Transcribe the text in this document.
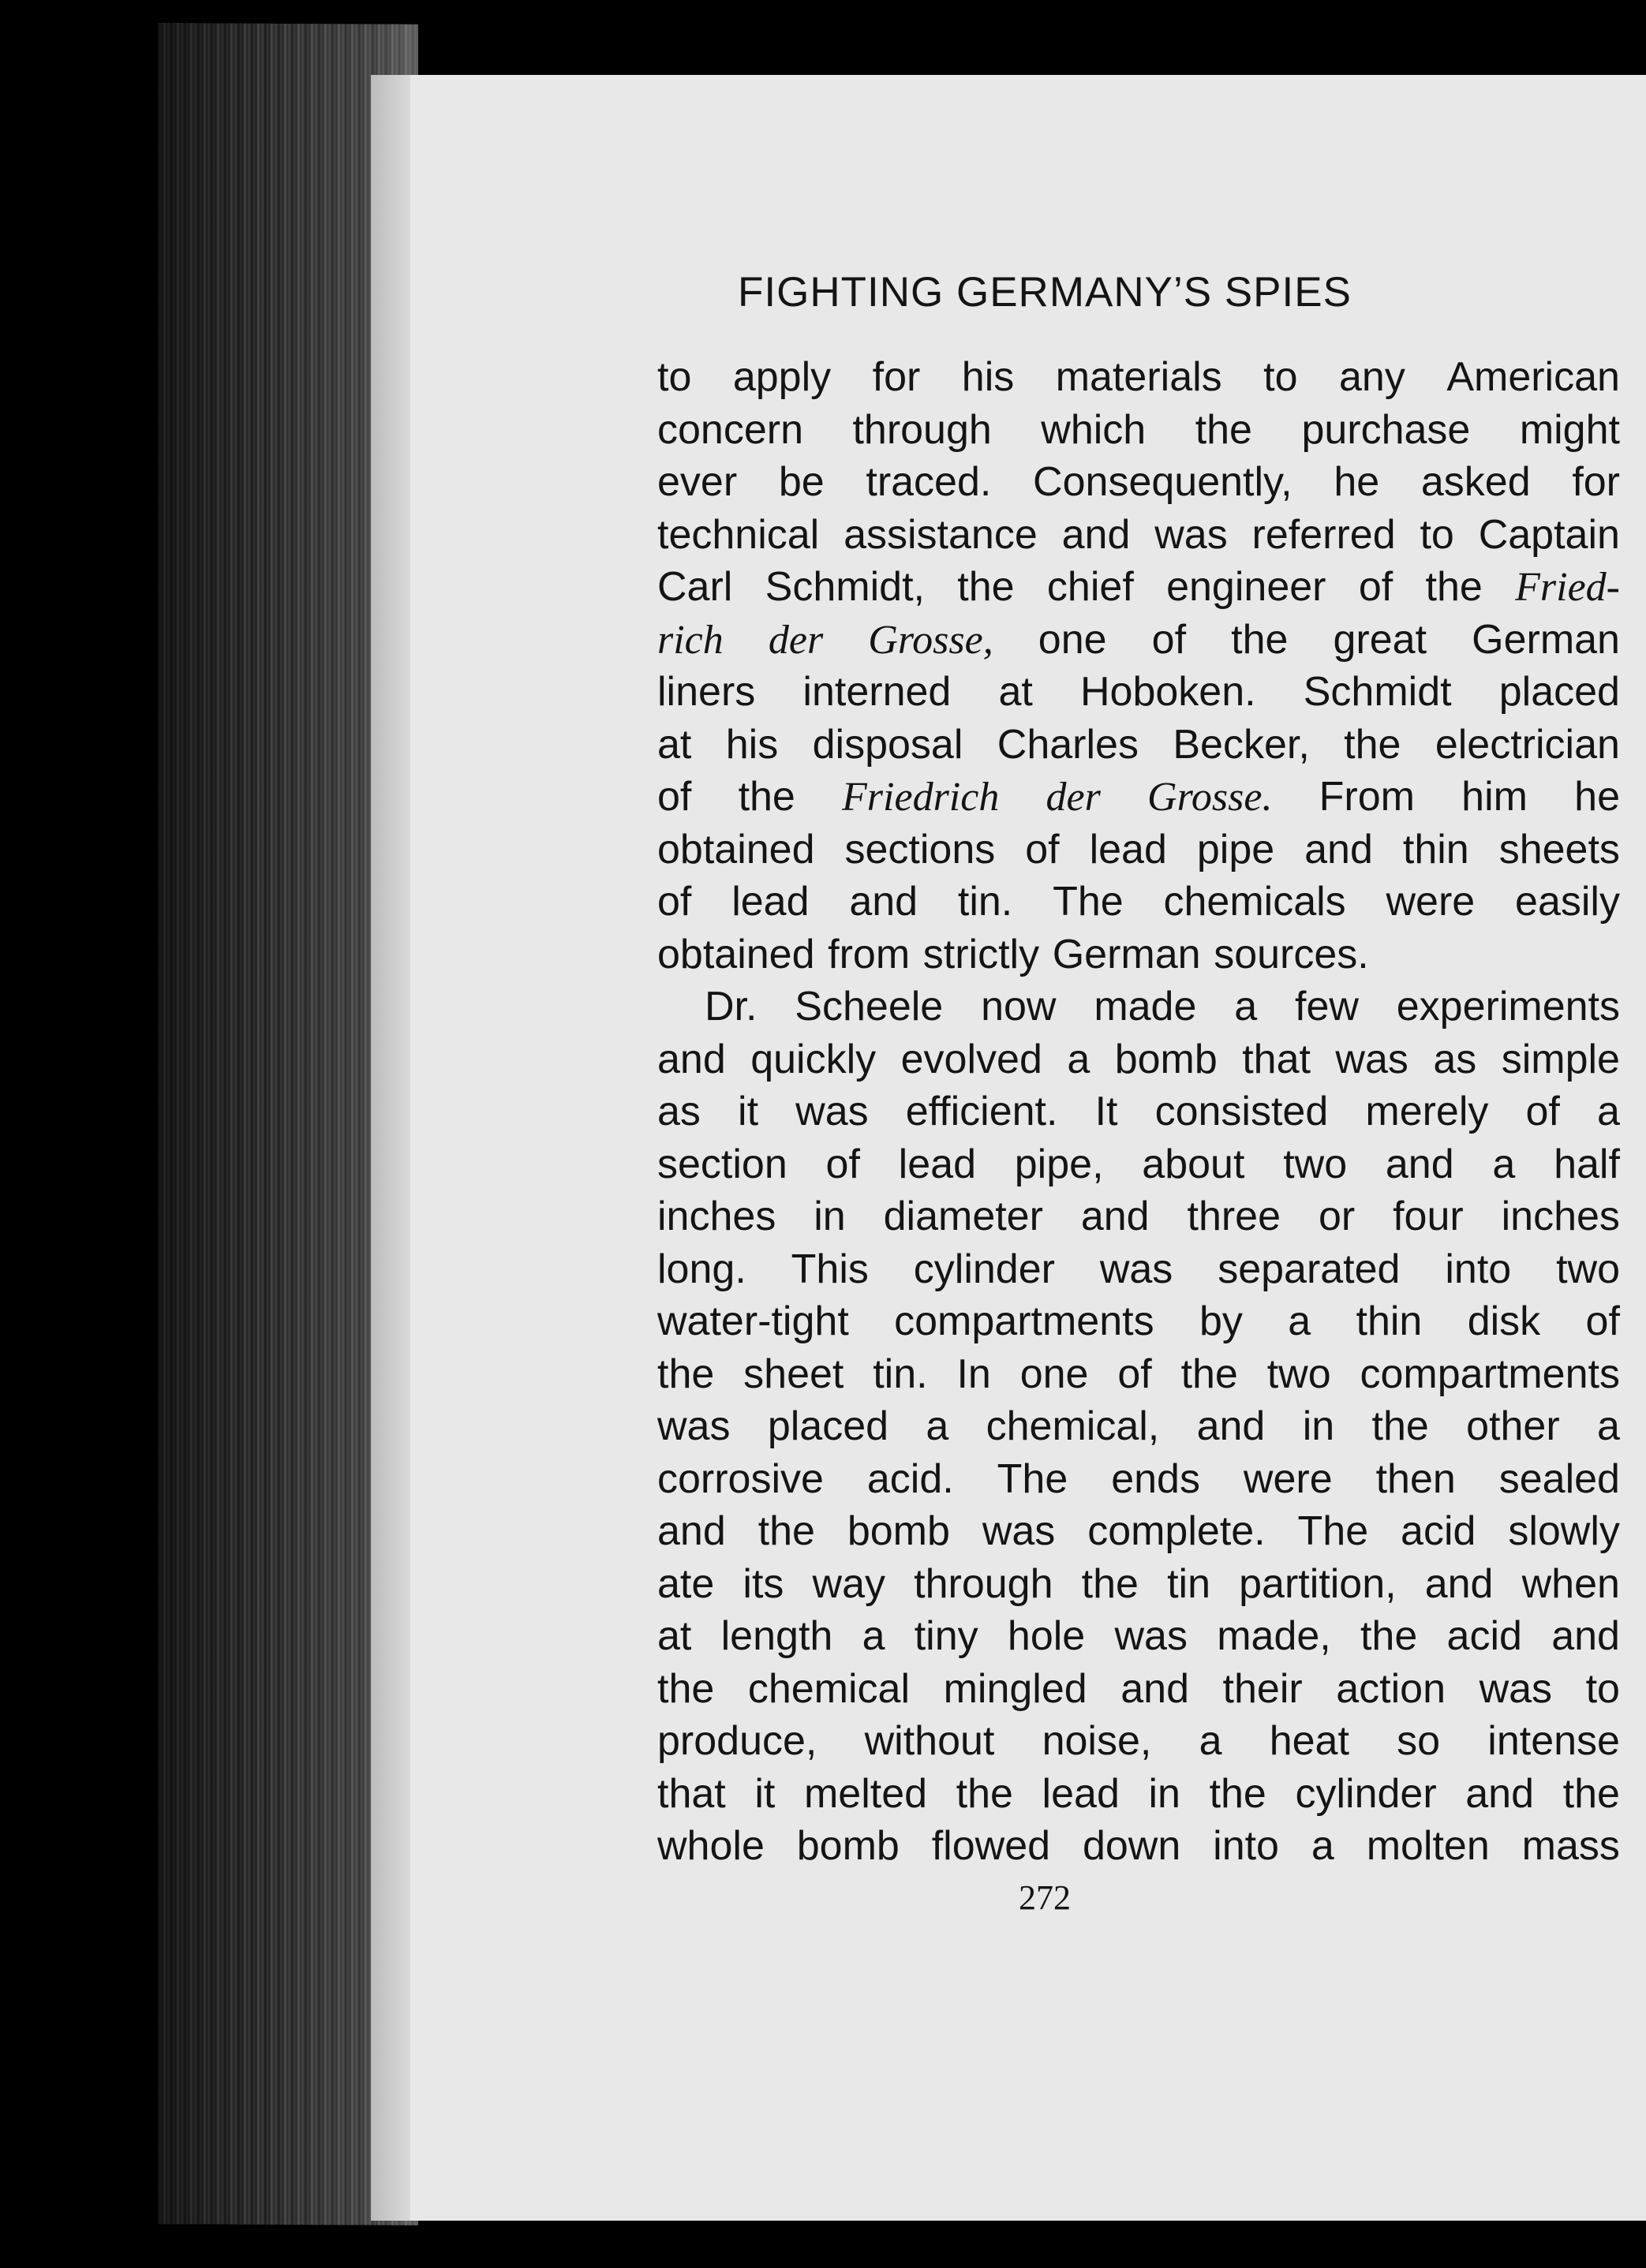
FIGHTING GERMANY’S SPIES
to apply for his materials to any American
concern through which the purchase might
ever be traced. Consequently, he asked for
technical assistance and was referred to Captain
Carl Schmidt, the chief engineer of the Fried-
rich der Grosse, one of the great German
liners interned at Hoboken. Schmidt placed
at his disposal Charles Becker, the electrician
of the Friedrich der Grosse. From him he
obtained sections of lead pipe and thin sheets
of lead and tin. The chemicals were easily
obtained from strictly German sources.
Dr. Scheele now made a few experiments
and quickly evolved a bomb that was as simple
as it was efficient. It consisted merely of a
section of lead pipe, about two and a half
inches in diameter and three or four inches
long. This cylinder was separated into two
water-tight compartments by a thin disk of
the sheet tin. In one of the two compartments
was placed a chemical, and in the other a
corrosive acid. The ends were then sealed
and the bomb was complete. The acid slowly
ate its way through the tin partition, and when
at length a tiny hole was made, the acid and
the chemical mingled and their action was to
produce, without noise, a heat so intense
that it melted the lead in the cylinder and the
whole bomb flowed down into a molten mass
272
